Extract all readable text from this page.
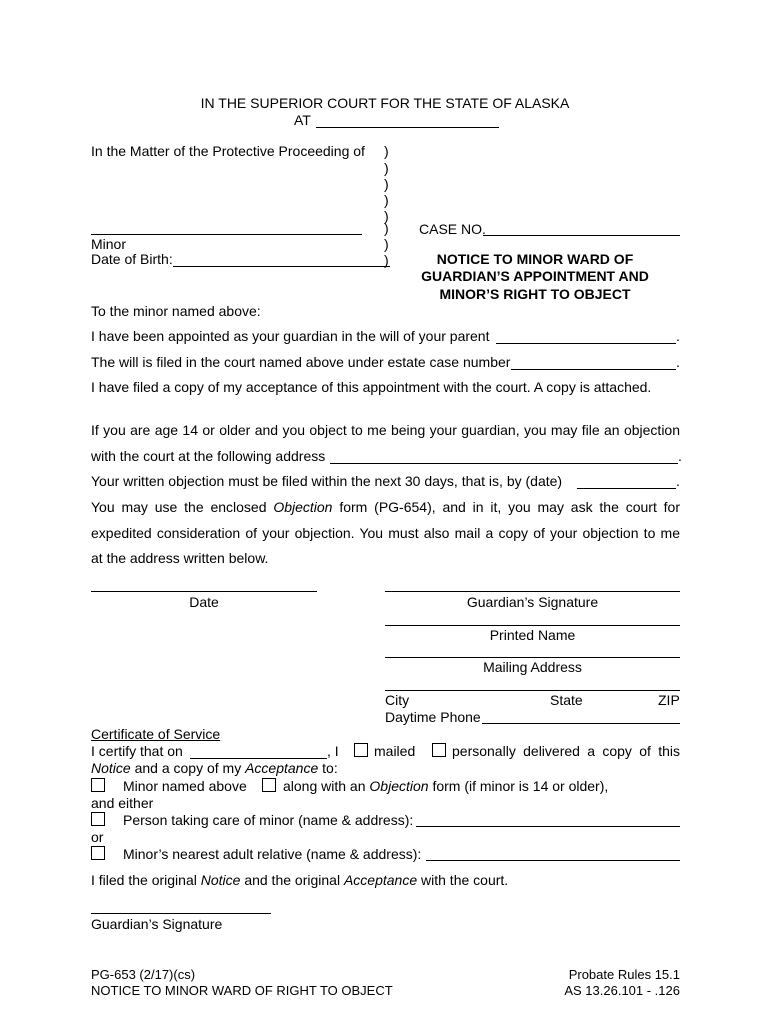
IN THE SUPERIOR COURT FOR THE STATE OF ALASKA
AT
In the Matter of the Protective Proceeding of )
)
)
)
)
)
)
)
Minor
Date of Birth:
CASE NO.
NOTICE TO MINOR WARD OF
GUARDIAN’S APPOINTMENT AND
MINOR’S RIGHT TO OBJECT
To the minor named above:
I have been appointed as your guardian in the will of your parent	.
The will is filed in the court named above under estate case number	.
I have filed a copy of my acceptance of this appointment with the court. A copy is attached.
If you are age 14 or older and you object to me being your guardian, you may file an objection
with the court at the following address	.
Your written objection must be filed within the next 30 days, that is, by (date)	.
You may use the enclosed Objection form (PG-654), and in it, you may ask the court for
expedited consideration of your objection. You must also mail a copy of your objection to me
at the address written below.
Date	Guardian’s Signature
Printed Name
Mailing Address
City	State	ZIP
Daytime Phone
Certificate of Service
I certify that on	, I	mailed	personally delivered a copy of this
Notice and a copy of my Acceptance to:
Minor named above	along with an Objection form (if minor is 14 or older),
and either
Person taking care of minor (name & address):
or
Minor’s nearest adult relative (name & address):
I filed the original Notice and the original Acceptance with the court.
Guardian’s Signature
PG-653 (2/17)(cs)
NOTICE TO MINOR WARD OF RIGHT TO OBJECT
Probate Rules 15.1
AS 13.26.101 - .126
